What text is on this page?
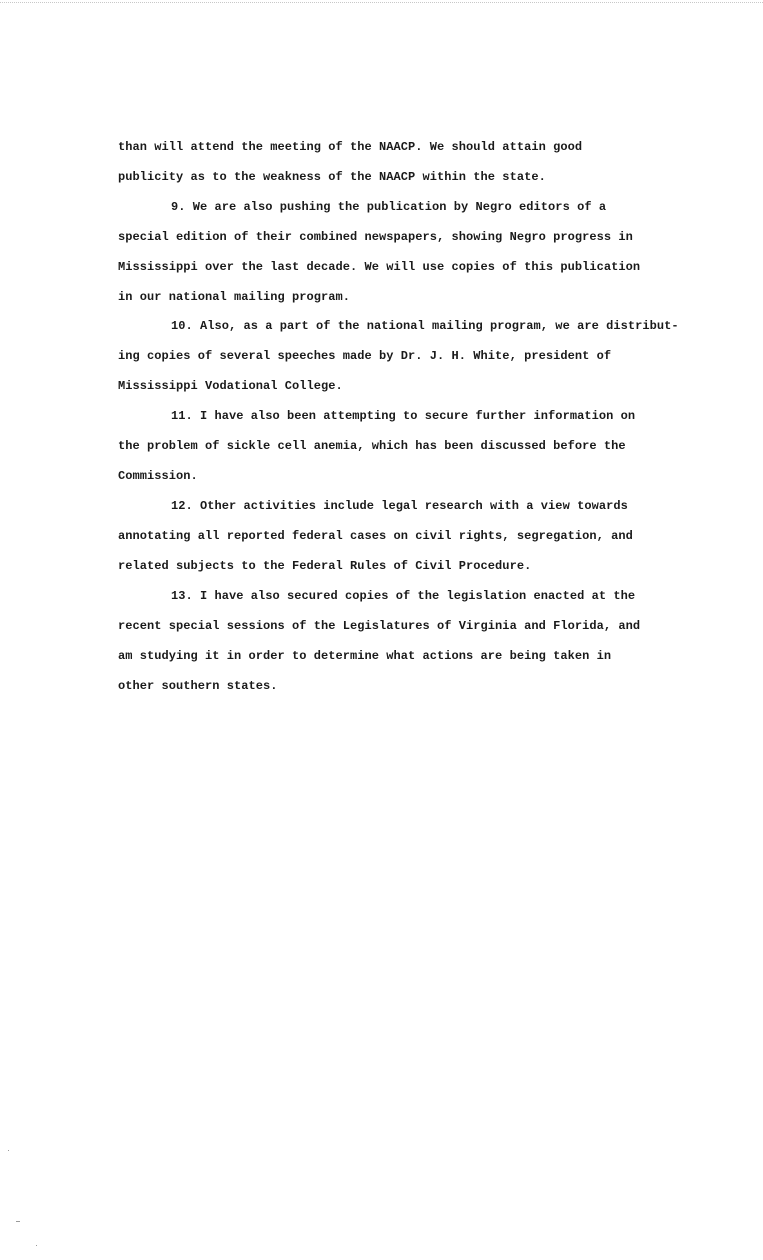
than will attend the meeting of the NAACP. We should attain good

publicity as to the weakness of the NAACP within the state.

9. We are also pushing the publication by Negro editors of a

special edition of their combined newspapers, showing Negro progress in

Mississippi over the last decade. We will use copies of this publication

in our national mailing program.

10. Also, as a part of the national mailing program, we are distribut-

ing copies of several speeches made by Dr. J. H. White, president of

Mississippi Vodational College.

11. I have also been attempting to secure further information on

the problem of sickle cell anemia, which has been discussed before the

Commission.

12. Other activities include legal research with a view towards

annotating all reported federal cases on civil rights, segregation, and

related subjects to the Federal Rules of Civil Procedure.

13. I have also secured copies of the legislation enacted at the

recent special sessions of the Legislatures of Virginia and Florida, and

am studying it in order to determine what actions are being taken in

other southern states.
